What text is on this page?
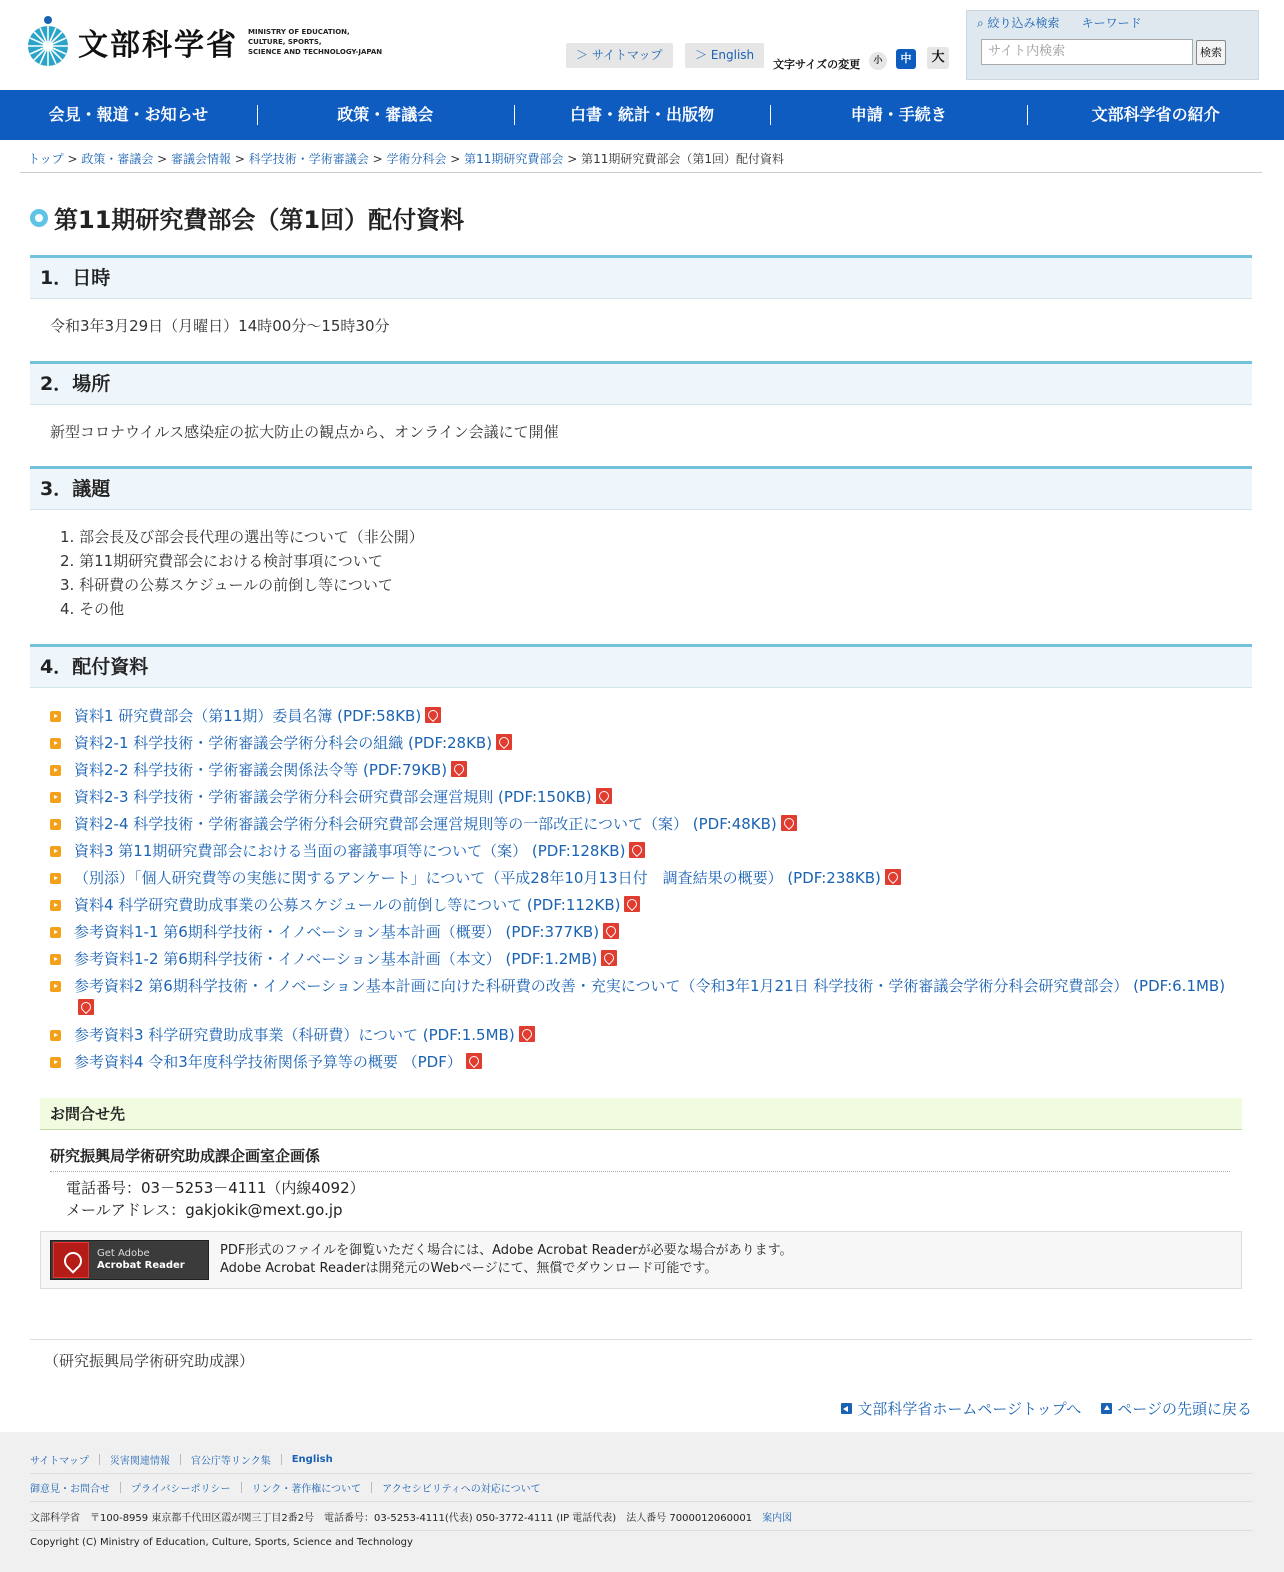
文部科学省 MINISTRY OF EDUCATION,
CULTURE, SPORTS,
SCIENCE AND TECHNOLOGY-JAPAN	＞ サイトマップ	＞ English
文字サイズの変更	小	中	大
⌕ 絞り込み検索 キーワード
サイト内検索	検索
会見・報道・お知らせ	政策・審議会	白書・統計・出版物	申請・手続き	文部科学省の紹介
トップ > 政策・審議会 > 審議会情報 > 科学技術・学術審議会 > 学術分科会 > 第11期研究費部会 > 第11期研究費部会（第1回）配付資料
第11期研究費部会（第1回）配付資料
1．日時
令和3年3月29日（月曜日）14時00分～15時30分
2．場所
新型コロナウイルス感染症の拡大防止の観点から、オンライン会議にて開催
3．議題
1. 部会長及び部会長代理の選出等について（非公開）
2. 第11期研究費部会における検討事項について
3. 科研費の公募スケジュールの前倒し等について
4. その他
4．配付資料
資料1 研究費部会（第11期）委員名簿 (PDF:58KB)
資料2-1 科学技術・学術審議会学術分科会の組織 (PDF:28KB)
資料2-2 科学技術・学術審議会関係法令等 (PDF:79KB)
資料2-3 科学技術・学術審議会学術分科会研究費部会運営規則 (PDF:150KB)
資料2-4 科学技術・学術審議会学術分科会研究費部会運営規則等の一部改正について（案） (PDF:48KB)
資料3 第11期研究費部会における当面の審議事項等について（案） (PDF:128KB)
（別添）「個人研究費等の実態に関するアンケート」について（平成28年10月13日付　調査結果の概要） (PDF:238KB)
資料4 科学研究費助成事業の公募スケジュールの前倒し等について (PDF:112KB)
参考資料1-1 第6期科学技術・イノベーション基本計画（概要） (PDF:377KB)
参考資料1-2 第6期科学技術・イノベーション基本計画（本文） (PDF:1.2MB)
参考資料2 第6期科学技術・イノベーション基本計画に向けた科研費の改善・充実について（令和3年1月21日 科学技術・学術審議会学術分科会研究費部会） (PDF:6.1MB)
参考資料3 科学研究費助成事業（科研費）について (PDF:1.5MB)
参考資料4 令和3年度科学技術関係予算等の概要 （PDF）
お問合せ先
研究振興局学術研究助成課企画室企画係
電話番号：03－5253－4111（内線4092）
メールアドレス：gakjokik@mext.go.jp
Get Adobe
Acrobat Reader
PDF形式のファイルを御覧いただく場合には、Adobe Acrobat Readerが必要な場合があります。
Adobe Acrobat Readerは開発元のWebページにて、無償でダウンロード可能です。
（研究振興局学術研究助成課）
文部科学省ホームページトップへ ページの先頭に戻る
サイトマップ 災害関連情報 官公庁等リンク集 English
御意見・お問合せ プライバシーポリシー リンク・著作権について アクセシビリティへの対応について
文部科学省　〒100-8959 東京都千代田区霞が関三丁目2番2号　電話番号：03-5253-4111(代表) 050-3772-4111 (IP 電話代表)　法人番号 7000012060001 案内図
Copyright (C) Ministry of Education, Culture, Sports, Science and Technology
